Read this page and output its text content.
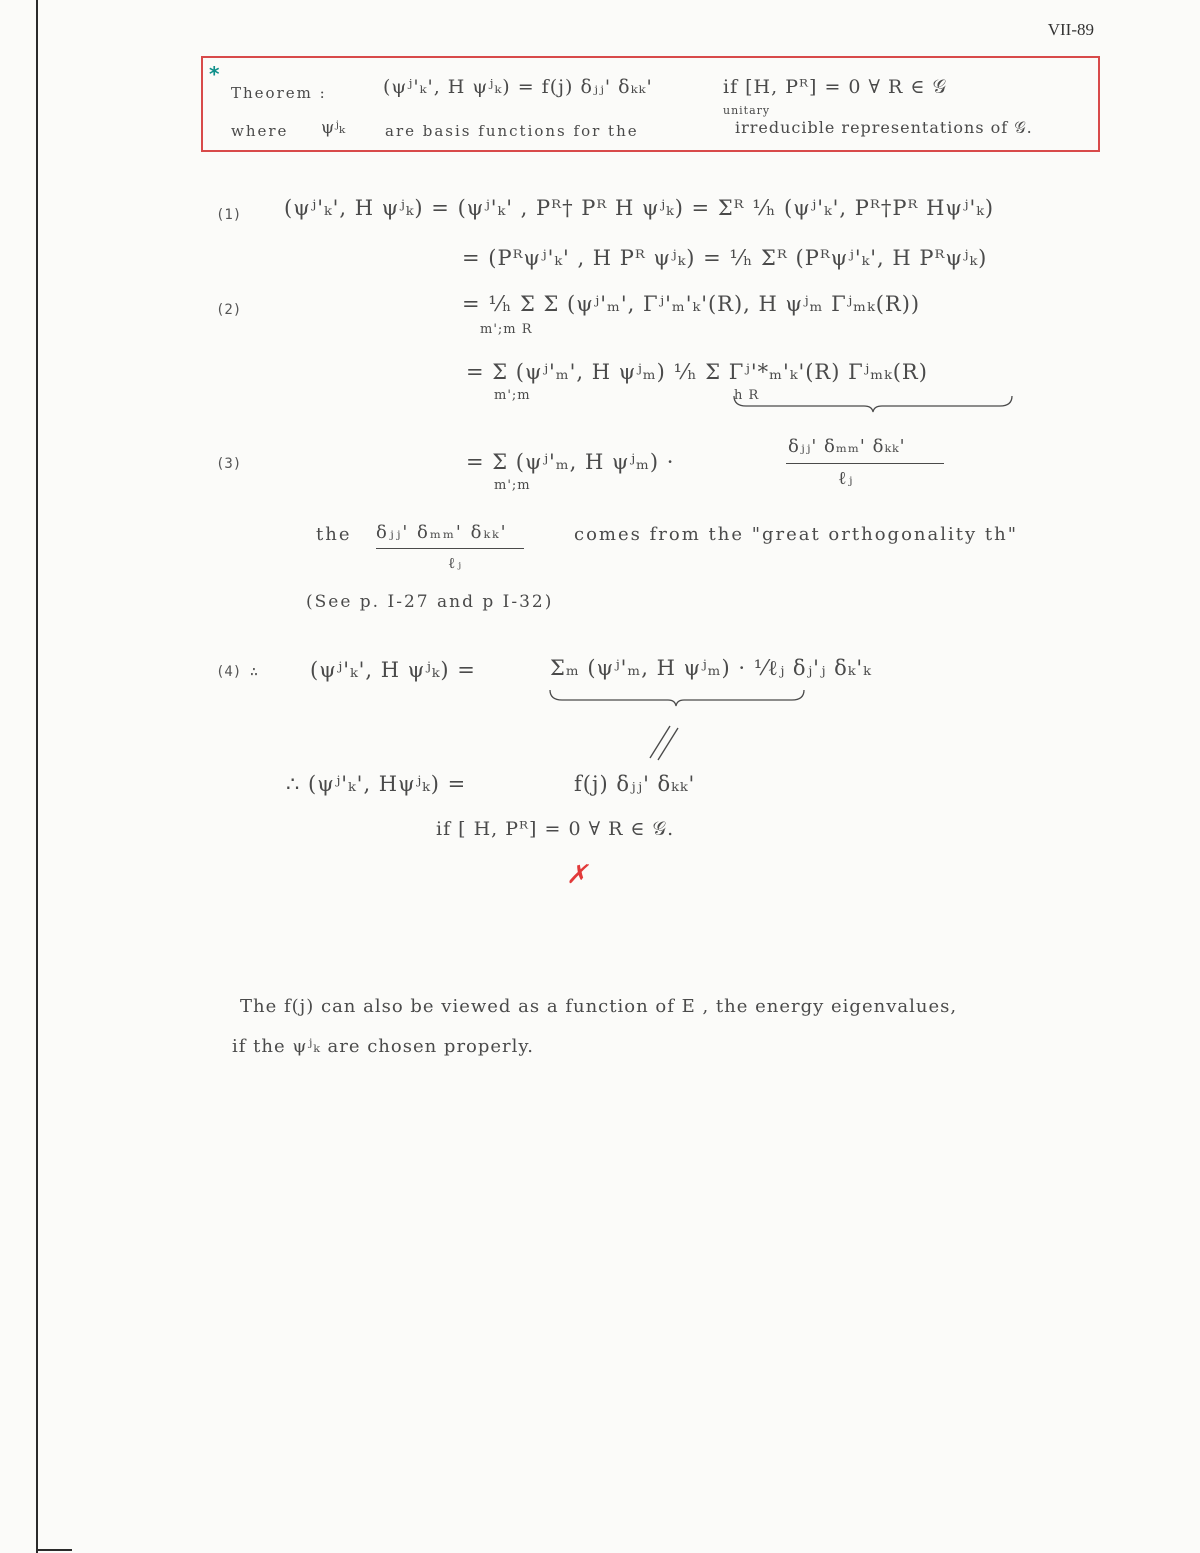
VII-89
*
Theorem :	(ψʲ'ₖ', H ψʲₖ) = f(j) δⱼⱼ' δₖₖ'	if [H, Pᴿ] = 0 ∀ R ∈ 𝒢
where ψʲₖ	are basis functions for the
unitary
irreducible representations of 𝒢.
(1)
(2)
(3)
(4) ∴
(ψʲ'ₖ', H ψʲₖ) = (ψʲ'ₖ' , Pᴿ† Pᴿ H ψʲₖ) = Σᴿ ¹⁄ₕ (ψʲ'ₖ', Pᴿ†Pᴿ Hψʲ'ₖ)
= (Pᴿψʲ'ₖ' , H Pᴿ ψʲₖ) = ¹⁄ₕ Σᴿ (Pᴿψʲ'ₖ', H Pᴿψʲₖ)
= ¹⁄ₕ Σ Σ (ψʲ'ₘ', Γʲ'ₘ'ₖ'(R), H ψʲₘ Γʲₘₖ(R))
m';m R
= Σ (ψʲ'ₘ', H ψʲₘ) ¹⁄ₕ Σ Γʲ'*ₘ'ₖ'(R) Γʲₘₖ(R)
m';m	h R
= Σ (ψʲ'ₘ, H ψʲₘ) ·
m';m
δⱼⱼ' δₘₘ' δₖₖ'
ℓⱼ
the δⱼⱼ' δₘₘ' δₖₖ'
ℓⱼ
comes from the "great orthogonality th"
(See p. I-27 and p I-32)
(ψʲ'ₖ', H ψʲₖ) =	Σₘ (ψʲ'ₘ, H ψʲₘ) · ¹⁄ℓⱼ δⱼ'ⱼ δₖ'ₖ
∴ (ψʲ'ₖ', Hψʲₖ) =	f(j) δⱼⱼ' δₖₖ'
if [ H, Pᴿ] = 0 ∀ R ∈ 𝒢.
✗
The f(j) can also be viewed as a function of E , the energy eigenvalues,
if the ψʲₖ are chosen properly.
